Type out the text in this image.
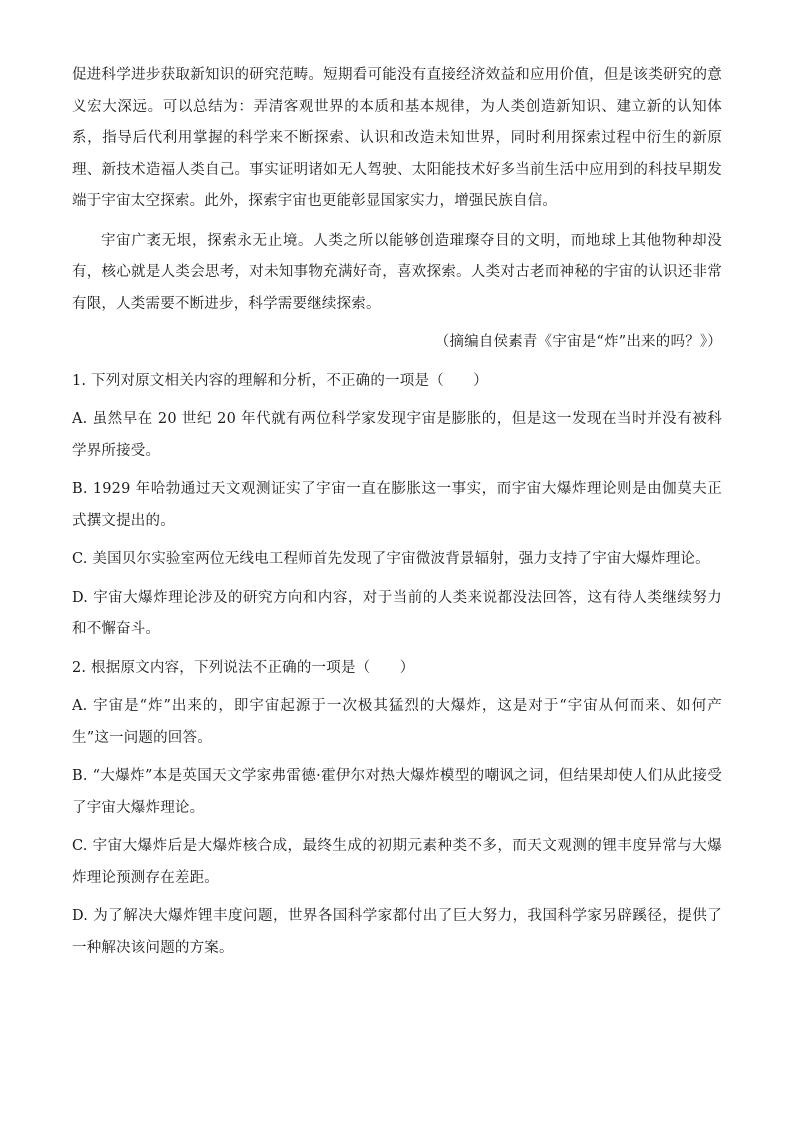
促进科学进步获取新知识的研究范畴。短期看可能没有直接经济效益和应用价值，但是该类研究的意义宏大深远。可以总结为：弄清客观世界的本质和基本规律，为人类创造新知识、建立新的认知体系，指导后代利用掌握的科学来不断探索、认识和改造未知世界，同时利用探索过程中衍生的新原理、新技术造福人类自己。事实证明诸如无人驾驶、太阳能技术好多当前生活中应用到的科技早期发端于宇宙太空探索。此外，探索宇宙也更能彰显国家实力，增强民族自信。

宇宙广袤无垠，探索永无止境。人类之所以能够创造璀璨夺目的文明，而地球上其他物种却没有，核心就是人类会思考，对未知事物充满好奇，喜欢探索。人类对古老而神秘的宇宙的认识还非常有限，人类需要不断进步，科学需要继续探索。

（摘编自侯素青《宇宙是“炸”出来的吗？》）

1. 下列对原文相关内容的理解和分析，不正确的一项是（　　）

A. 虽然早在 20 世纪 20 年代就有两位科学家发现宇宙是膨胀的，但是这一发现在当时并没有被科学界所接受。

B. 1929 年哈勃通过天文观测证实了宇宙一直在膨胀这一事实，而宇宙大爆炸理论则是由伽莫夫正式撰文提出的。

C. 美国贝尔实验室两位无线电工程师首先发现了宇宙微波背景辐射，强力支持了宇宙大爆炸理论。

D. 宇宙大爆炸理论涉及的研究方向和内容，对于当前的人类来说都没法回答，这有待人类继续努力和不懈奋斗。

2. 根据原文内容，下列说法不正确的一项是（　　）

A. 宇宙是“炸”出来的，即宇宙起源于一次极其猛烈的大爆炸，这是对于“宇宙从何而来、如何产生”这一问题的回答。

B. “大爆炸”本是英国天文学家弗雷德·霍伊尔对热大爆炸模型的嘲讽之词，但结果却使人们从此接受了宇宙大爆炸理论。

C. 宇宙大爆炸后是大爆炸核合成，最终生成的初期元素种类不多，而天文观测的锂丰度异常与大爆炸理论预测存在差距。

D. 为了解决大爆炸锂丰度问题，世界各国科学家都付出了巨大努力，我国科学家另辟蹊径，提供了一种解决该问题的方案。
